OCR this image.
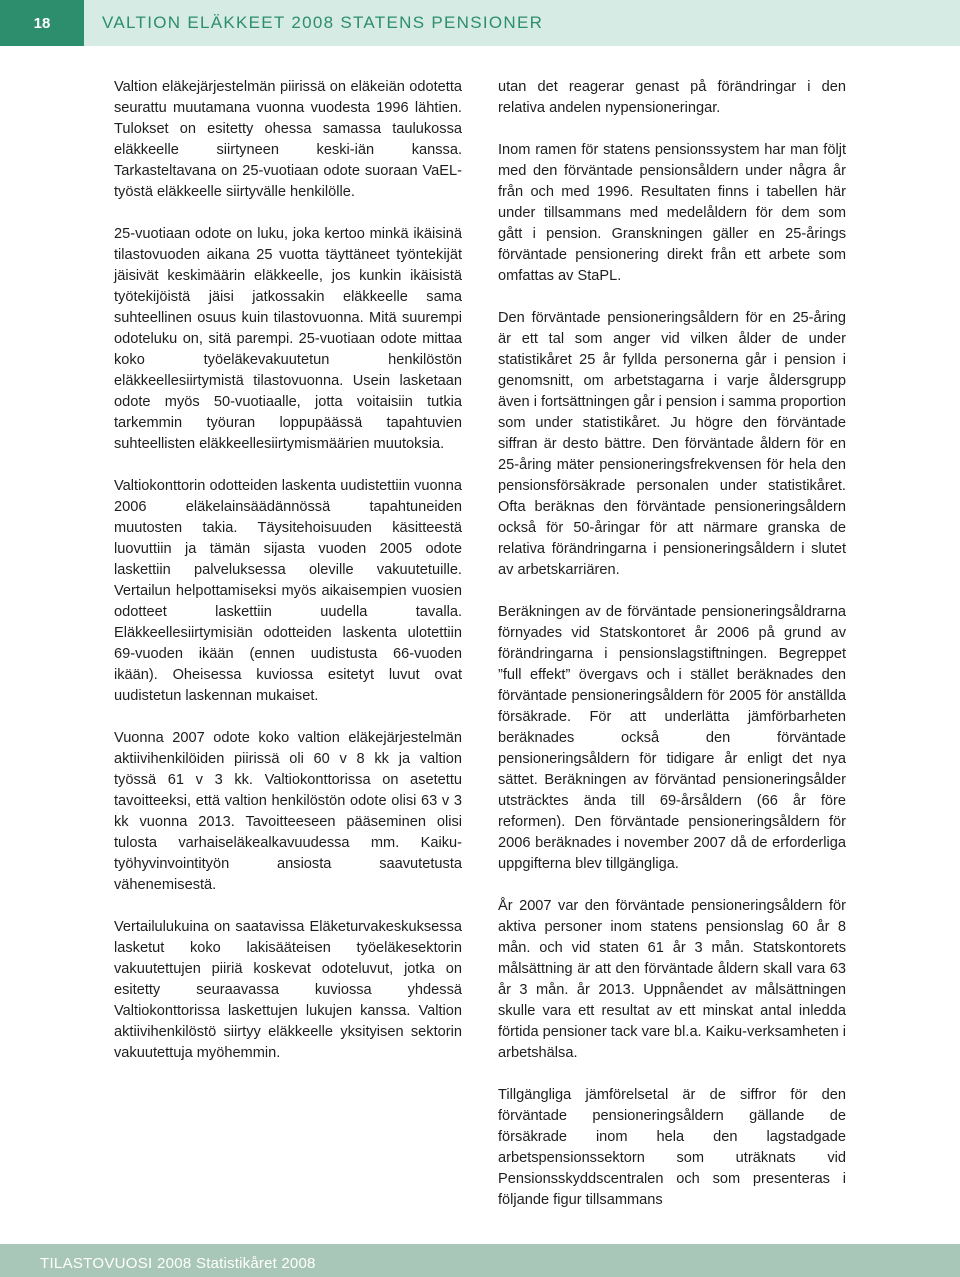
18	VALTION ELÄKKEET 2008 STATENS PENSIONER

Valtion eläkejärjestelmän piirissä on eläkeiän odotetta seurattu muutamana vuonna vuodesta 1996 lähtien. Tulokset on esitetty ohessa samassa taulukossa eläkkeelle siirtyneen keski-iän kanssa. Tarkasteltavana on 25-vuotiaan odote suoraan VaEL-työstä eläkkeelle siirtyvälle henkilölle.

25-vuotiaan odote on luku, joka kertoo minkä ikäisinä tilastovuoden aikana 25 vuotta täyttäneet työntekijät jäisivät keskimäärin eläkkeelle, jos kunkin ikäisistä työtekijöistä jäisi jatkossakin eläkkeelle sama suhteellinen osuus kuin tilastovuonna. Mitä suurempi odoteluku on, sitä parempi. 25-vuotiaan odote mittaa koko työeläkevakuutetun henkilöstön eläkkeellesiirtymistä tilastovuonna. Usein lasketaan odote myös 50-vuotiaalle, jotta voitaisiin tutkia tarkemmin työuran loppupäässä tapahtuvien suhteellisten eläkkeellesiirtymismäärien muutoksia.

Valtiokonttorin odotteiden laskenta uudistettiin vuonna 2006 eläkelainsäädännössä tapahtuneiden muutosten takia. Täysitehoisuuden käsitteestä luovuttiin ja tämän sijasta vuoden 2005 odote laskettiin palveluksessa oleville vakuutetuille. Vertailun helpottamiseksi myös aikaisempien vuosien odotteet laskettiin uudella tavalla. Eläkkeellesiirtymisiän odotteiden laskenta ulotettiin 69-vuoden ikään (ennen uudistusta 66-vuoden ikään). Oheisessa kuviossa esitetyt luvut ovat uudistetun laskennan mukaiset.

Vuonna 2007 odote koko valtion eläkejärjestelmän aktiivihenkilöiden piirissä oli 60 v 8 kk ja valtion työssä 61 v 3 kk. Valtiokonttorissa on asetettu tavoitteeksi, että valtion henkilöstön odote olisi 63 v 3 kk vuonna 2013. Tavoitteeseen pääseminen olisi tulosta varhaiseläkealkavuudessa mm. Kaiku-työhyvinvointityön ansiosta saavutetusta vähenemisestä.

Vertailulukuina on saatavissa Eläketurvakeskuksessa lasketut koko lakisääteisen työeläkesektorin vakuutettujen piiriä koskevat odoteluvut, jotka on esitetty seuraavassa kuviossa yhdessä Valtiokonttorissa laskettujen lukujen kanssa. Valtion aktiivihenkilöstö siirtyy eläkkeelle yksityisen sektorin vakuutettuja myöhemmin.

utan det reagerar genast på förändringar i den relativa andelen nypensioneringar.

Inom ramen för statens pensionssystem har man följt med den förväntade pensionsåldern under några år från och med 1996. Resultaten finns i tabellen här under tillsammans med medelåldern för dem som gått i pension. Granskningen gäller en 25-årings förväntade pensionering direkt från ett arbete som omfattas av StaPL.

Den förväntade pensioneringsåldern för en 25-åring är ett tal som anger vid vilken ålder de under statistikåret 25 år fyllda personerna går i pension i genomsnitt, om arbetstagarna i varje åldersgrupp även i fortsättningen går i pension i samma proportion som under statistikåret. Ju högre den förväntade siffran är desto bättre. Den förväntade åldern för en 25-åring mäter pensioneringsfrekvensen för hela den pensionsförsäkrade personalen under statistikåret. Ofta beräknas den förväntade pensioneringsåldern också för 50-åringar för att närmare granska de relativa förändringarna i pensioneringsåldern i slutet av arbetskarriären.

Beräkningen av de förväntade pensioneringsåldrarna förnyades vid Statskontoret år 2006 på grund av förändringarna i pensionslagstiftningen. Begreppet ”full effekt” övergavs och i stället beräknades den förväntade pensioneringsåldern för 2005 för anställda försäkrade. För att underlätta jämförbarheten beräknades också den förväntade pensioneringsåldern för tidigare år enligt det nya sättet. Beräkningen av förväntad pensioneringsålder utsträcktes ända till 69-årsåldern (66 år före reformen). Den förväntade pensioneringsåldern för 2006 beräknades i november 2007 då de erforderliga uppgifterna blev tillgängliga.

År 2007 var den förväntade pensioneringsåldern för aktiva personer inom statens pensionslag 60 år 8 mån. och vid staten 61 år 3 mån. Statskontorets målsättning är att den förväntade åldern skall vara 63 år 3 mån. år 2013. Uppnåendet av målsättningen skulle vara ett resultat av ett minskat antal inledda förtida pensioner tack vare bl.a. Kaiku-verksamheten i arbetshälsa.

Tillgängliga jämförelsetal är de siffror för den förväntade pensioneringsåldern gällande de försäkrade inom hela den lagstadgade arbetspensionssektorn som uträknats vid Pensionsskyddscentralen och som presenteras i följande figur tillsammans

TILASTOVUOSI 2008 Statistikåret 2008
